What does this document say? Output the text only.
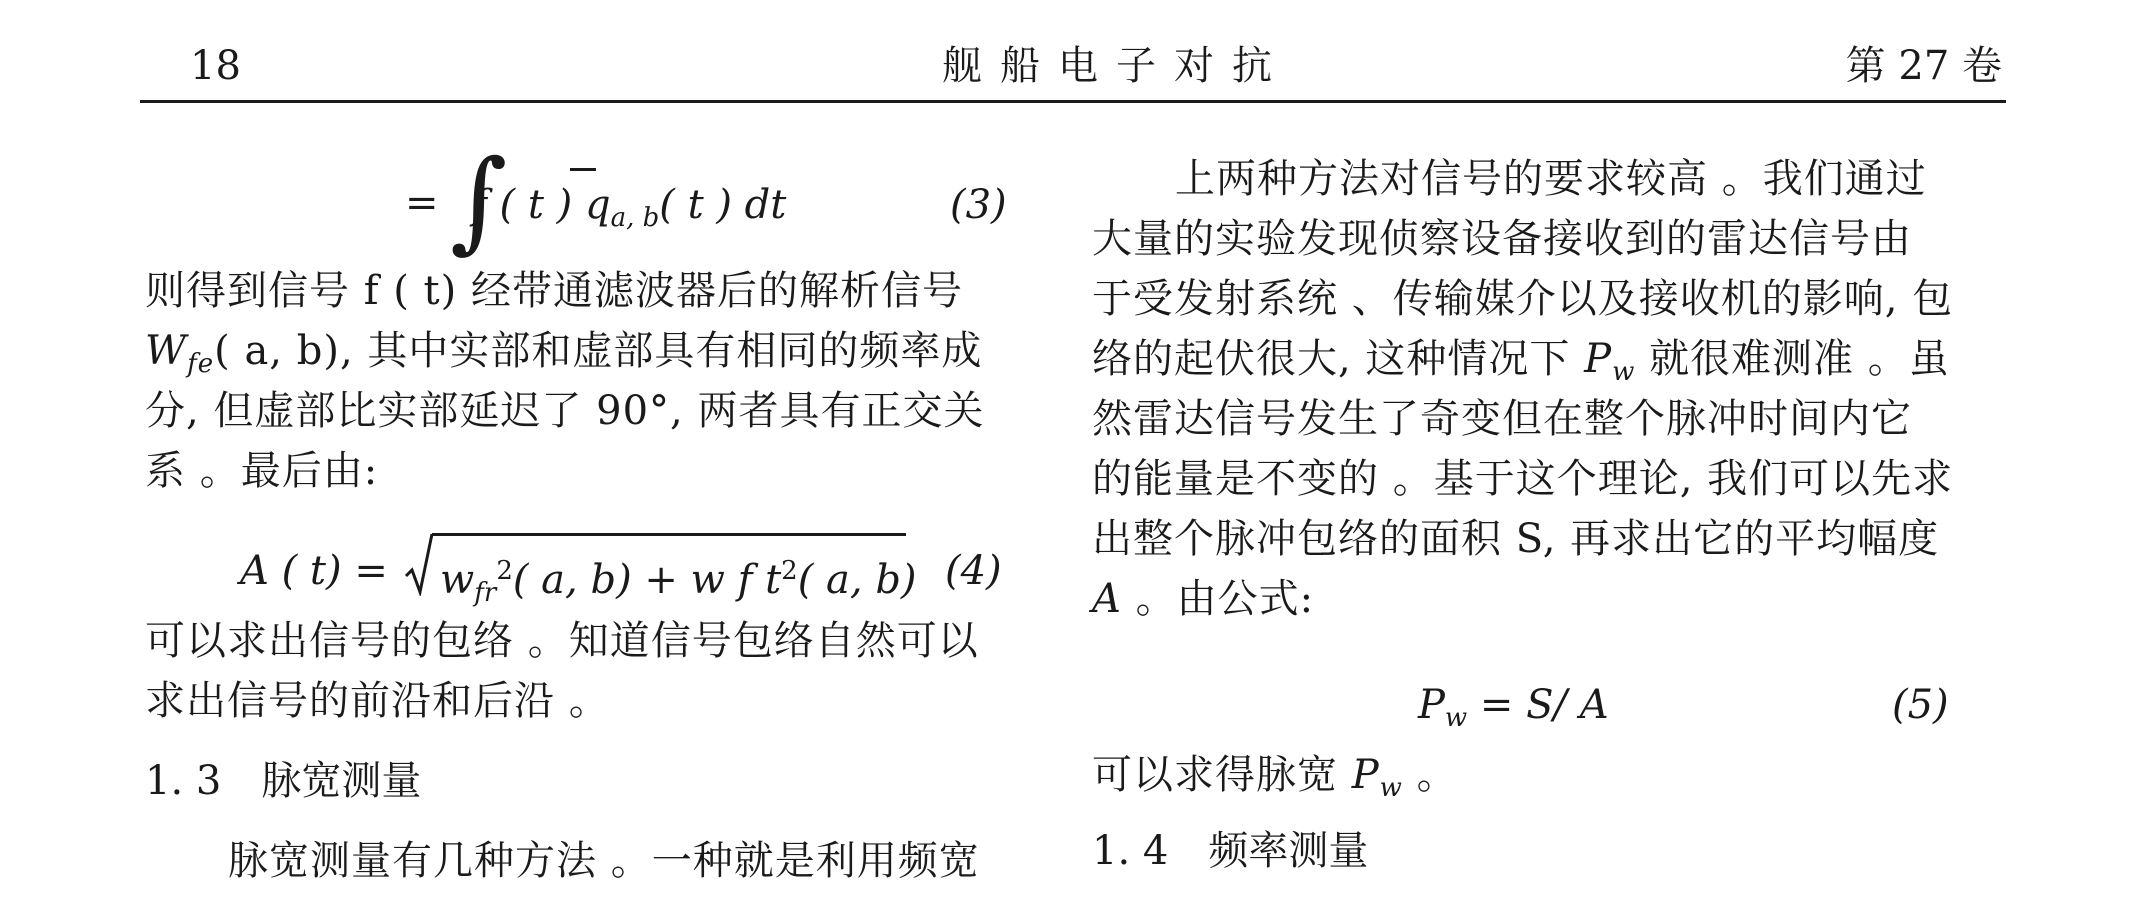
18	舰船电子对抗	第 27 卷
= ∫
f ( t ) $q_{a, b}$( t ) dt	(3)
则得到信号 f ( t) 经带通滤波器后的解析信号
$W_{fe}$( a, b), 其中实部和虚部具有相同的频率成
分, 但虚部比实部延迟了 90°, 两者具有正交关
系 。最后由:
A ( $t) = w_{fr}^2$( a, b) + w f $t^2$( a, b) (4)
可以求出信号的包络 。知道信号包络自然可以
求出信号的前沿和后沿 。
1. 3　脉宽测量
脉宽测量有几种方法 。一种就是利用频宽
上两种方法对信号的要求较高 。我们通过
大量的实验发现侦察设备接收到的雷达信号由
于受发射系统 、传输媒介以及接收机的影响, 包
络的起伏很大, 这种情况下 $P_w$ 就很难测准 。虽
然雷达信号发生了奇变但在整个脉冲时间内它
的能量是不变的 。基于这个理论, 我们可以先求
出整个脉冲包络的面积 S, 再求出它的平均幅度
A 。由公式:
$P_w = S/$ A	(5)
可以求得脉宽 $P_w$ 。
1. 4　频率测量
